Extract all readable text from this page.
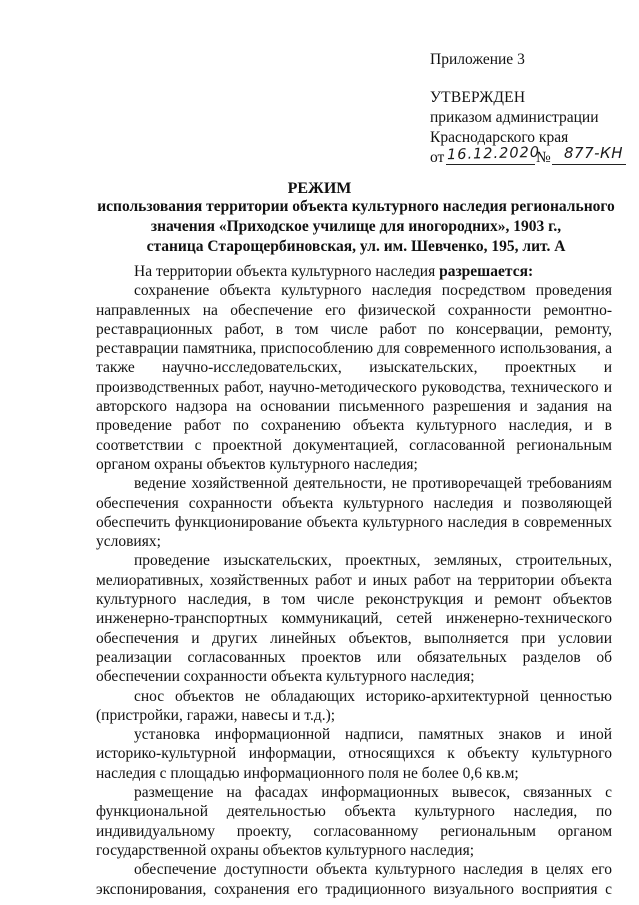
Приложение 3
УТВЕРЖДЕН
приказом администрации
Краснодарского края
от 16.12.2020
№ 877-КН
РЕЖИМ
использования территории объекта культурного наследия регионального
значения «Приходское училище для иногородних», 1903 г.,
станица Старощербиновская, ул. им. Шевченко, 195, лит. А

На территории объекта культурного наследия разрешается:

сохранение объекта культурного наследия посредством проведения направленных на обеспечение его физической сохранности ремонтно-реставрационных работ, в том числе работ по консервации, ремонту, реставрации памятника, приспособлению для современного использования, а также научно-исследовательских, изыскательских, проектных и производственных работ, научно-методического руководства, технического и авторского надзора на основании письменного разрешения и задания на проведение работ по сохранению объекта культурного наследия, и в соответствии с проектной документацией, согласованной региональным органом охраны объектов культурного наследия;

ведение хозяйственной деятельности, не противоречащей требованиям обеспечения сохранности объекта культурного наследия и позволяющей обеспечить функционирование объекта культурного наследия в современных условиях;

проведение изыскательских, проектных, земляных, строительных, мелиоративных, хозяйственных работ и иных работ на территории объекта культурного наследия, в том числе реконструкция и ремонт объектов инженерно-транспортных коммуникаций, сетей инженерно-технического обеспечения и других линейных объектов, выполняется при условии реализации согласованных проектов или обязательных разделов об обеспечении сохранности объекта культурного наследия;

снос объектов не обладающих историко-архитектурной ценностью (пристройки, гаражи, навесы и т.д.);

установка информационной надписи, памятных знаков и иной историко-культурной информации, относящихся к объекту культурного наследия с площадью информационного поля не более 0,6 кв.м;

размещение на фасадах информационных вывесок, связанных с функциональной деятельностью объекта культурного наследия, по индивидуальному проекту, согласованному региональным органом государственной охраны объектов культурного наследия;

обеспечение доступности объекта культурного наследия в целях его экспонирования, сохранения его традиционного визуального восприятия с
